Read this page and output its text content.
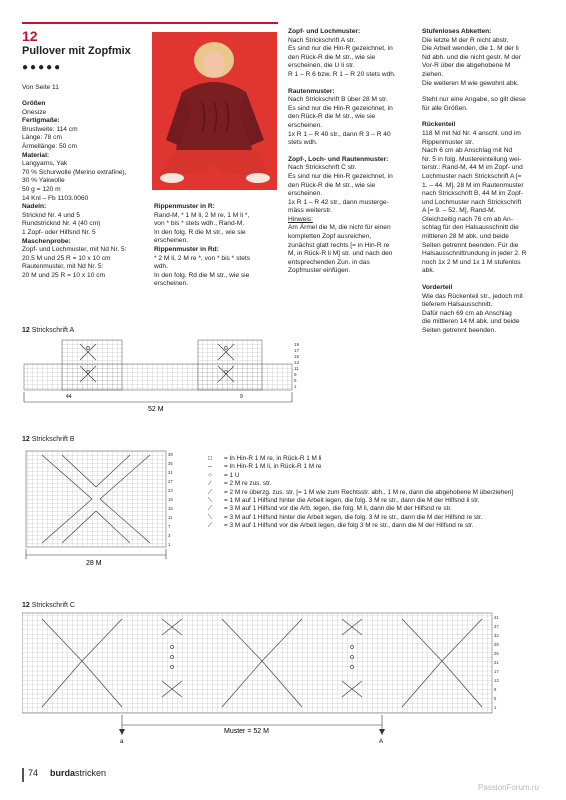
12
Pullover mit Zopfmix
●●●●●
Von Seite 11

Größen

Onesize

Fertigmaße:

Brustweite: 114 cm

Länge: 78 cm

Ärmellänge: 50 cm

Material:

Langyarns, Yak

70 % Schurwolle (Merino extrafine),

30 % Yakwolle

50 g = 120 m

14 Knl – Fb 1103.0060

Nadeln:

Stricknd Nr. 4 und 5

Rundstricknd Nr. 4 (40 cm)

1 Zopf- oder Hilfsnd Nr. 5

Maschenprobe:

Zopf- und Lochmuster, mit Nd Nr. 5:

20,5 M und 25 R = 10 x 10 cm

Rautenmuster, mit Nd Nr. 5:

20 M und 25 R = 10 x 10 cm

Rippenmuster in R:

Rand-M, * 1 M li, 2 M re, 1 M li *,

von * bis * stets wdh., Rand-M.

In den folg. R die M str., wie sie

erscheinen.

Rippenmuster in Rd:

* 2 M li, 2 M re *, von * bis * stets

wdh.

In den folg. Rd die M str., wie sie

erscheinen.

Zopf- und Lochmuster:

Nach Strickschrift A str.

Es sind nur die Hin-R gezeichnet, in

den Rück-R die M str., wie sie

erscheinen, die U li str.

R 1 – R 6 bzw. R 1 – R 20 stets wdh.

Rautenmuster:

Nach Strickschrift B über 28 M str.

Es sind nur die Hin-R gezeichnet, in

den Rück-R die M str., wie sie

erscheinen.

1x R 1 – R 40 str., dann R 3 – R 40

stets wdh.

Zopf-, Loch- und Rautenmuster:

Nach Strickschrift C str.

Es sind nur die Hin-R gezeichnet, in

den Rück-R die M str., wie sie

erscheinen.

1x R 1 – R 42 str., dann musterge-

mäss weiterstr.

Hinweis:

Am Ärmel die M, die nicht für einen

kompletten Zopf ausreichen,

zunächst glatt rechts [= in Hin-R re

M, in Rück-R li M] str. und nach den

entsprechenden Zun. in das

Zopfmuster einfügen.

Stufenloses Abketten:

Die letzte M der R nicht abstr.

Die Arbeit wenden, die 1. M der li

Nd abh. und die nicht gestr. M der

Vor-R über die abgehobene M

ziehen.

Die weiteren M wie gewohnt abk.

Steht nur eine Angabe, so gilt diese

für alle Größen.

Rückenteil

118 M mit Nd Nr. 4 anschl. und im

Rippenmuster str.

Nach 6 cm ab Anschlag mit Nd

Nr. 5 in folg. Mustereinteilung wei-

terstr.: Rand-M, 44 M im Zopf- und

Lochmuster nach Strickschrift A [=

1. – 44. M], 28 M im Rautenmuster

nach Strickschrift B, 44 M im Zopf-

und Lochmuster nach Strickschrift

A [= 9. – 52. M], Rand-M.

Gleichzeitig nach 76 cm ab An-

schlag für den Halsausschnitt die

mittleren 28 M abk. und beide

Seiten getrennt beenden. Für die

Halsausschnittrundung in jeder 2. R

noch 1x 2 M und 1x 1 M stufenlos

abk.

Vorderteil

Wie das Rückenteil str., jedoch mit

tieferem Halsausschnitt.

Dafür nach 69 cm ab Anschlag

die mittleren 14 M abk. und beide

Seiten getrennt beenden.

12 Strickschrift A
19
17
15
13
11
9
5
1
44	9
52 M
12 Strickschrift B
39
35
31
27
23
19
15
11
7
3
1
28 M
□	= In Hin-R 1 M re, in Rück-R 1 M li
–	= In Hin-R 1 M li, in Rück-R 1 M re
○	= 1 U
⁄	= 2 M re zus. str.
⟋	= 2 M re überzg. zus. str. [= 1 M wie zum Rechtsstr. abh., 1 M re, dann die abgehobene M überziehen]
⟍	= 1 M auf 1 Hilfsnd hinter die Arbeit legen, die folg. 3 M re str., dann die M der Hilfsnd li str.
⟋	= 3 M auf 1 Hilfsnd vor die Arb. legen, die folg. M li, dann die M der Hilfsnd re str.
⟍	= 3 M auf 1 Hilfsnd hinter die Arbeit legen, die folg. 3 M re str., dann die M der Hilfsnd re str.
⟋	= 3 M auf 1 Hilfsnd vor die Arbeit legen, die folg 3 M re str., dann die M der Hilfsnd re str.
12 Strickschrift C
41
37
33
29
25
21
17
13
9
5
1
Muster = 52 M
a	A
74 burdastricken
PassionForum.ru
